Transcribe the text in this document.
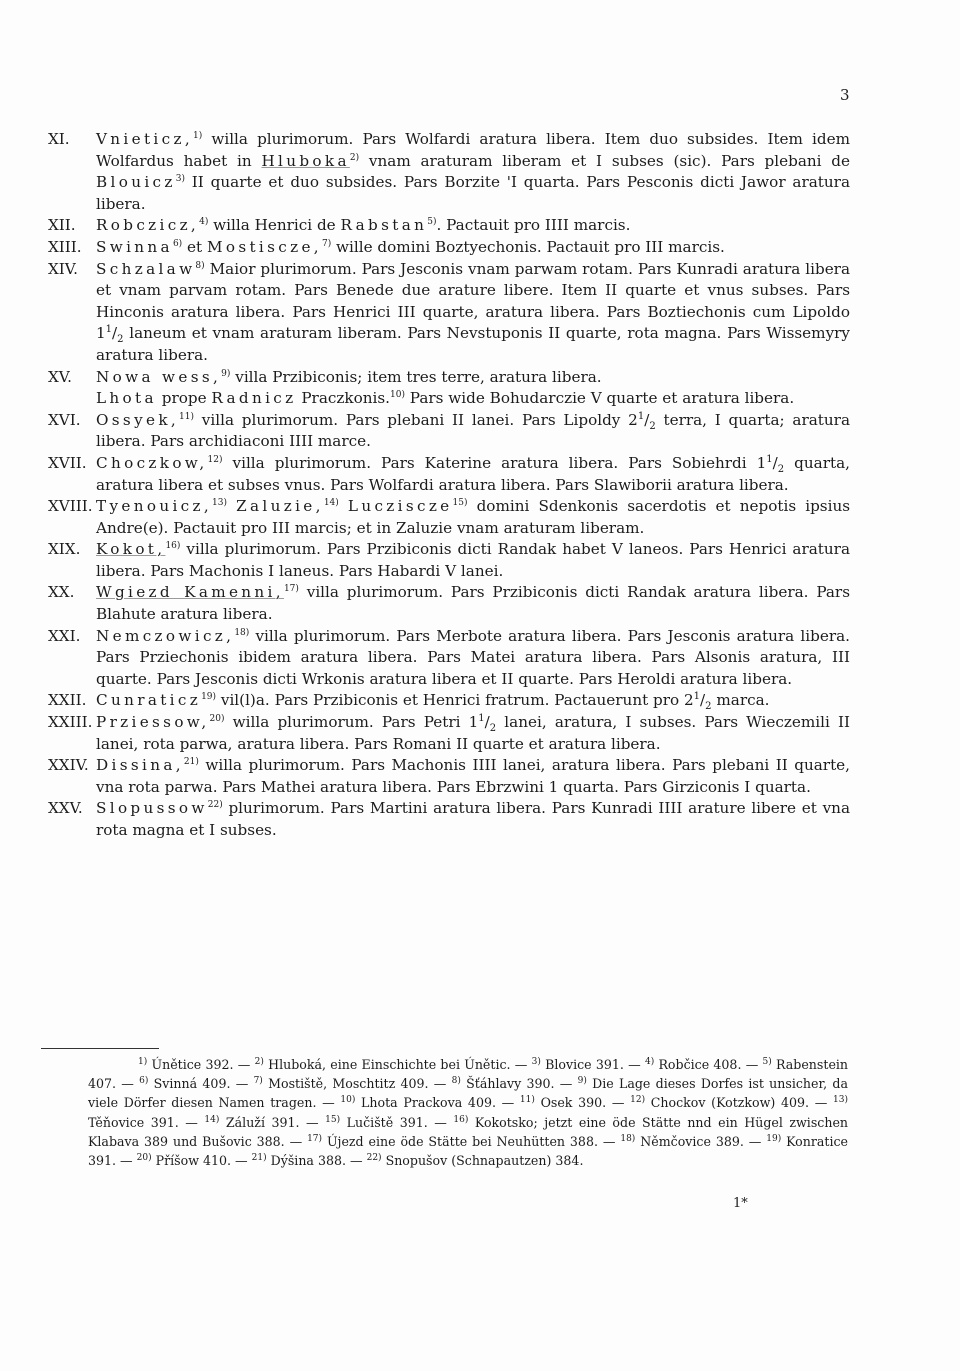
3
XI. Vnieticz,$^{1)}$ willa plurimorum. Pars Wolfardi aratura libera. Item duo subsides. Item idem Wolfardus habet in Hluboka$^{2)}$ vnam araturam liberam et I subses (sic). Pars plebani de Blouicz$^{3)}$ II quarte et duo subsides. Pars Borzite 'I quarta. Pars Pesconis dicti Jawor aratura libera.

XII. Robczicz,$^{4)}$ willa Henrici de Rabstan$^{5)}$. Pactauit pro IIII marcis.

XIII. Swinna$^{6)}$ et Mostiscze,$^{7)}$ wille domini Boztyechonis. Pactauit pro III marcis.

XIV. Schzalaw$^{8)}$ Maior plurimorum. Pars Jesconis vnam parwam rotam. Pars Kunradi aratura libera et vnam parvam rotam. Pars Benede due arature libere. Item II quarte et vnus subses. Pars Hinconis aratura libera. Pars Henrici III quarte, aratura libera. Pars Boztiechonis cum Lipoldo $1^1/_2$ laneum et vnam araturam liberam. Pars Nevstuponis II quarte, rota magna. Pars Wissemyry aratura libera.

XV. Nowa wess,$^{9)}$ villa Przibiconis; item tres terre, aratura libera.
Lhota prope Radnicz Praczkonis.$^{10)}$ Pars wide Bohudarczie V quarte et aratura libera.

XVI. Ossyek,$^{11)}$ villa plurimorum. Pars plebani II lanei. Pars Lipoldy $2^1/_2$ terra, I quarta; aratura libera. Pars archidiaconi IIII marce.

XVII. Choczkow,$^{12)}$ villa plurimorum. Pars Katerine aratura libera. Pars Sobiehrdi $1^1/_2$ quarta, aratura libera et subses vnus. Pars Wolfardi aratura libera. Pars Slawiborii aratura libera.

XVIII. Tyenouicz,$^{13)}$ Zaluzie,$^{14)}$ Lucziscze$^{15)}$ domini Sdenkonis sacerdotis et nepotis ipsius Andre(e). Pactauit pro III marcis; et in Zaluzie vnam araturam liberam.

XIX. Kokot,$^{16)}$ villa plurimorum. Pars Przibiconis dicti Randak habet V laneos. Pars Henrici aratura libera. Pars Machonis I laneus. Pars Habardi V lanei.

XX. Wgiezd Kamenni,$^{17)}$ villa plurimorum. Pars Przibiconis dicti Randak aratura libera. Pars Blahute aratura libera.

XXI. Nemczowicz,$^{18)}$ villa plurimorum. Pars Merbote aratura libera. Pars Jesconis aratura libera. Pars Prziechonis ibidem aratura libera. Pars Matei aratura libera. Pars Alsonis aratura, III quarte. Pars Jesconis dicti Wrkonis aratura libera et II quarte. Pars Heroldi aratura libera.

XXII. Cunraticz$^{19)}$ vil(l)a. Pars Przibiconis et Henrici fratrum. Pactauerunt pro $2^1/_2$ marca.

XXIII. Prziessow,$^{20)}$ willa plurimorum. Pars Petri $1^1/_2$ lanei, aratura, I subses. Pars Wieczemili II lanei, rota parwa, aratura libera. Pars Romani II quarte et aratura libera.

XXIV. Dissina,$^{21)}$ willa plurimorum. Pars Machonis IIII lanei, aratura libera. Pars plebani II quarte, vna rota parwa. Pars Mathei aratura libera. Pars Ebrzwini 1 quarta. Pars Girziconis I quarta.

XXV. Slopussow$^{22)}$ plurimorum. Pars Martini aratura libera. Pars Kunradi IIII arature libere et vna rota magna et I subses.

$^{1)}$ Únětice 392. — $^{2)}$ Hluboká, eine Einschichte bei Únětic. — $^{3)}$ Blovice 391. — $^{4)}$ Robčice 408. — $^{5)}$ Rabenstein 407. — $^{6)}$ Svinná 409. — $^{7)}$ Mostiště, Moschtitz 409. — $^{8)}$ Šťáhlavy 390. — $^{9)}$ Die Lage dieses Dorfes ist unsicher, da viele Dörfer diesen Namen tragen. — $^{10)}$ Lhota Prackova 409. — $^{11)}$ Osek 390. — $^{12)}$ Chockov (Kotzkow) 409. — $^{13)}$ Těňovice 391. — $^{14)}$ Záluží 391. — $^{15)}$ Lučiště 391. — $^{16)}$ Kokotsko; jetzt eine öde Stätte nnd ein Hügel zwischen Klabava 389 und Bušovic 388. — $^{17)}$ Újezd eine öde Stätte bei Neuhütten 388. — $^{18)}$ Němčovice 389. — $^{19)}$ Konratice 391. — $^{20)}$ Příšow 410. — $^{21)}$ Dýšina 388. — $^{22)}$ Snopušov (Schnapautzen) 384.
1*
